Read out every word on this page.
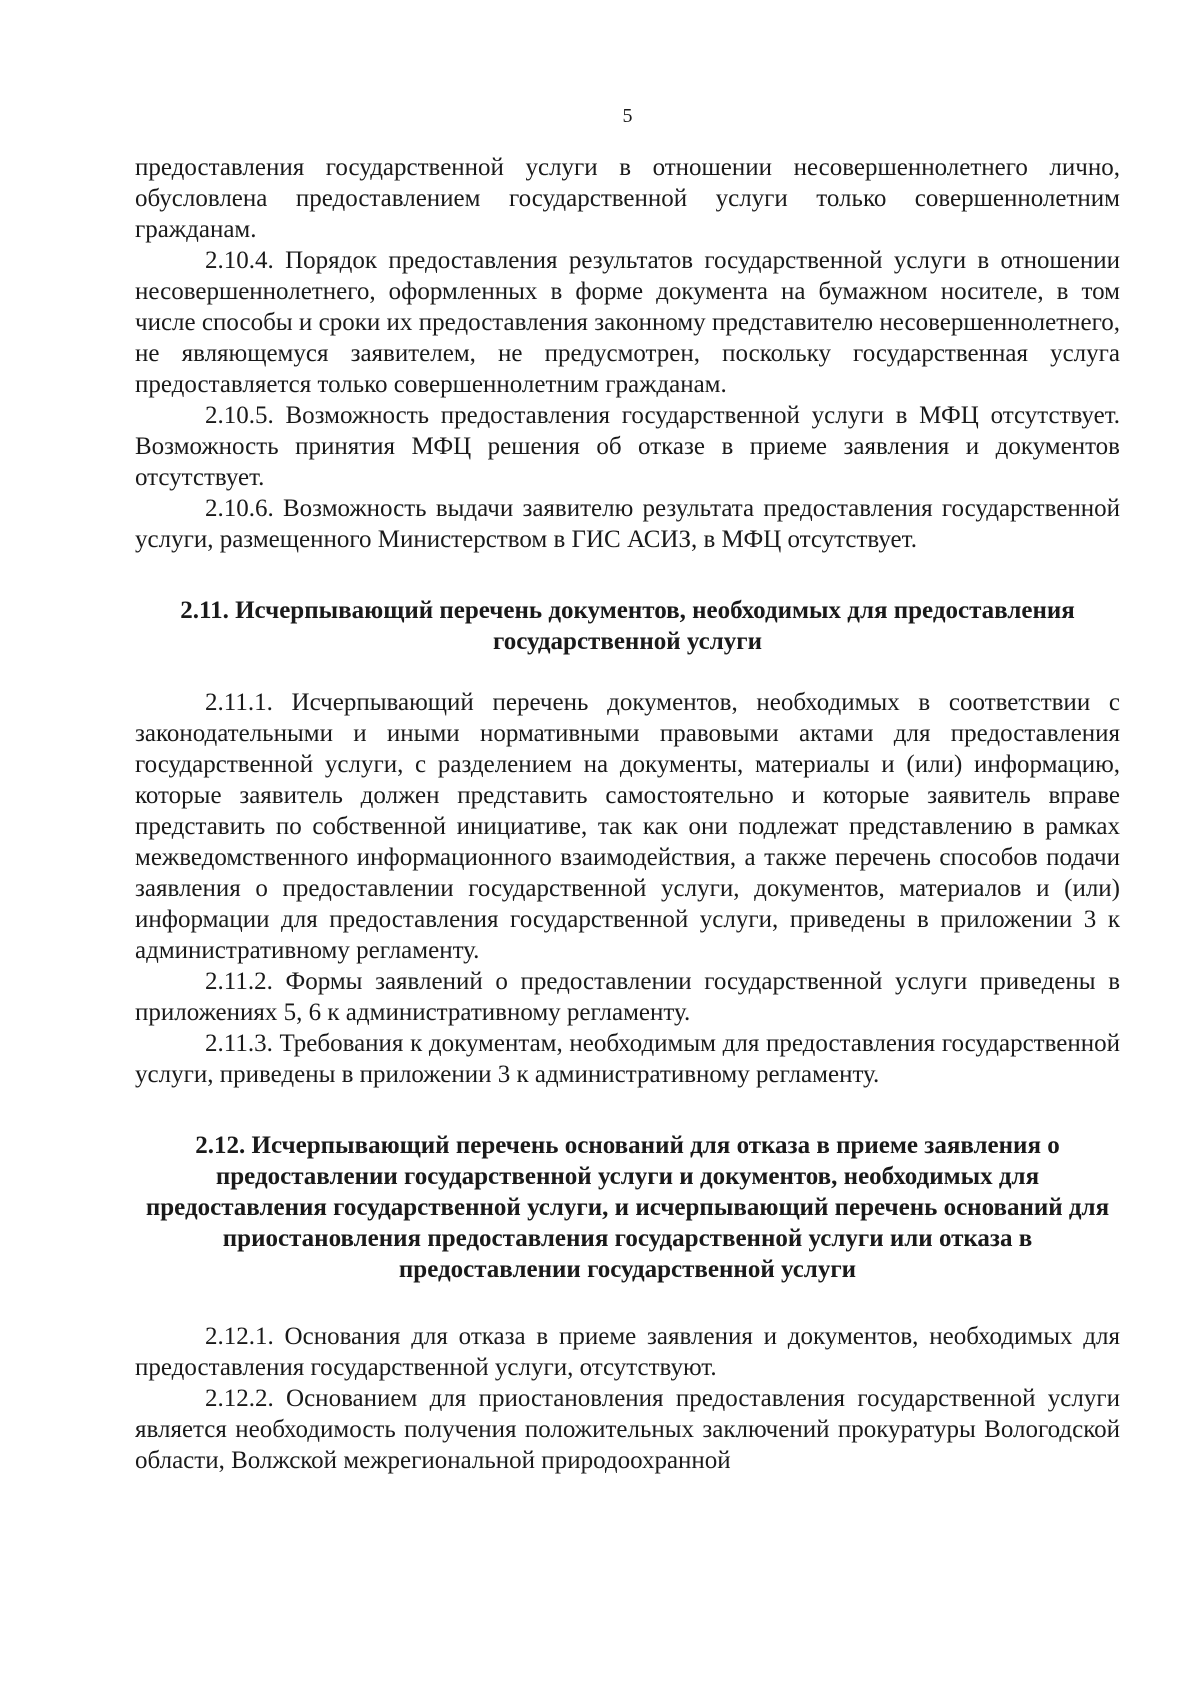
5

предоставления государственной услуги в отношении несовершеннолетнего лично, обусловлена предоставлением государственной услуги только совершеннолетним гражданам.

2.10.4. Порядок предоставления результатов государственной услуги в отношении несовершеннолетнего, оформленных в форме документа на бумажном носителе, в том числе способы и сроки их предоставления законному представителю несовершеннолетнего, не являющемуся заявителем, не предусмотрен, поскольку государственная услуга предоставляется только совершеннолетним гражданам.

2.10.5. Возможность предоставления государственной услуги в МФЦ отсутствует. Возможность принятия МФЦ решения об отказе в приеме заявления и документов отсутствует.

2.10.6. Возможность выдачи заявителю результата предоставления государственной услуги, размещенного Министерством в ГИС АСИЗ, в МФЦ отсутствует.

2.11. Исчерпывающий перечень документов, необходимых для предоставления государственной услуги

2.11.1. Исчерпывающий перечень документов, необходимых в соответствии с законодательными и иными нормативными правовыми актами для предоставления государственной услуги, с разделением на документы, материалы и (или) информацию, которые заявитель должен представить самостоятельно и которые заявитель вправе представить по собственной инициативе, так как они подлежат представлению в рамках межведомственного информационного взаимодействия, а также перечень способов подачи заявления о предоставлении государственной услуги, документов, материалов и (или) информации для предоставления государственной услуги, приведены в приложении 3 к административному регламенту.

2.11.2. Формы заявлений о предоставлении государственной услуги приведены в приложениях 5, 6 к административному регламенту.

2.11.3. Требования к документам, необходимым для предоставления государственной услуги, приведены в приложении 3 к административному регламенту.

2.12. Исчерпывающий перечень оснований для отказа в приеме заявления о предоставлении государственной услуги и документов, необходимых для предоставления государственной услуги, и исчерпывающий перечень оснований для приостановления предоставления государственной услуги или отказа в предоставлении государственной услуги

2.12.1. Основания для отказа в приеме заявления и документов, необходимых для предоставления государственной услуги, отсутствуют.

2.12.2. Основанием для приостановления предоставления государственной услуги является необходимость получения положительных заключений прокуратуры Вологодской области, Волжской межрегиональной природоохранной
